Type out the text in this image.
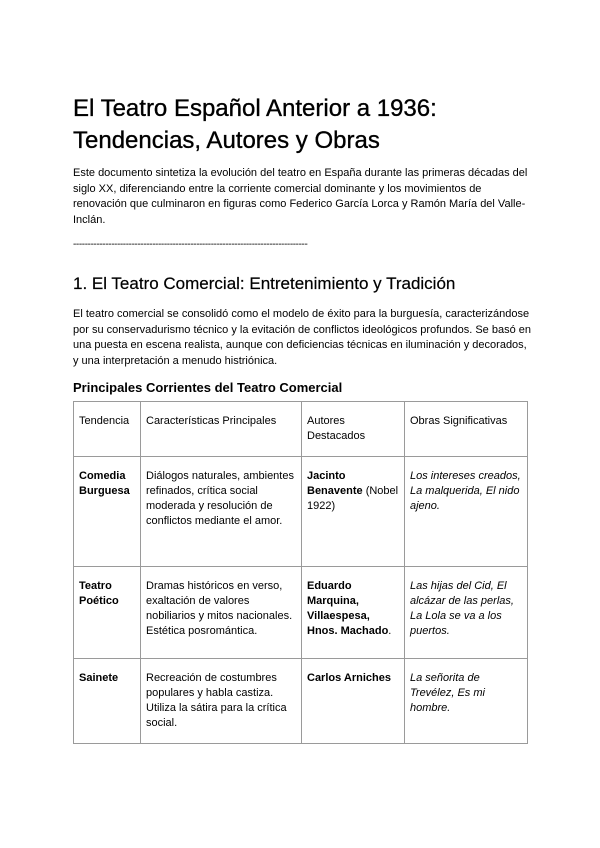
El Teatro Español Anterior a 1936: Tendencias, Autores y Obras

Este documento sintetiza la evolución del teatro en España durante las primeras décadas del siglo XX, diferenciando entre la corriente comercial dominante y los movimientos de renovación que culminaron en figuras como Federico García Lorca y Ramón María del Valle-Inclán.

--------------------------------------------------------------------------------
1. El Teatro Comercial: Entretenimiento y Tradición

El teatro comercial se consolidó como el modelo de éxito para la burguesía, caracterizándose por su conservadurismo técnico y la evitación de conflictos ideológicos profundos. Se basó en una puesta en escena realista, aunque con deficiencias técnicas en iluminación y decorados, y una interpretación a menudo histriónica.

Principales Corrientes del Teatro Comercial
Tendencia	Características Principales	Autores Destacados	Obras Significativas
Comedia Burguesa	Diálogos naturales, ambientes refinados, crítica social moderada y resolución de conflictos mediante el amor.	Jacinto Benavente (Nobel 1922)	Los intereses creados, La malquerida, El nido ajeno.
Teatro Poético	Dramas históricos en verso, exaltación de valores nobiliarios y mitos nacionales. Estética posromántica.	Eduardo Marquina, Villaespesa, Hnos. Machado.	Las hijas del Cid, El alcázar de las perlas, La Lola se va a los puertos.
Sainete	Recreación de costumbres populares y habla castiza. Utiliza la sátira para la crítica social.	Carlos Arniches	La señorita de Trevélez, Es mi hombre.
